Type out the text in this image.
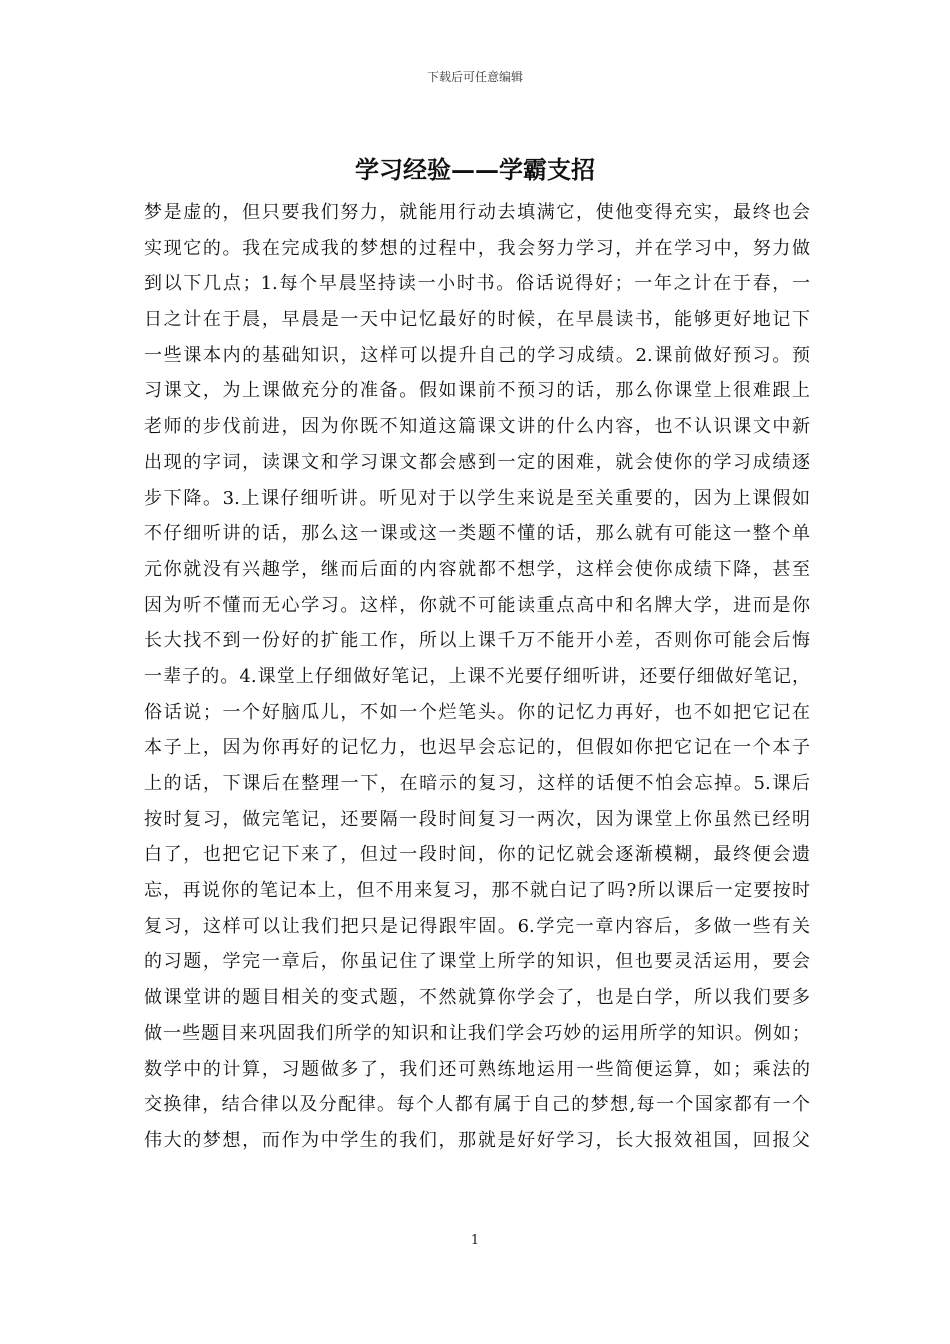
下载后可任意编辑
学习经验——学霸支招
梦是虚的，但只要我们努力，就能用行动去填满它，使他变得充实，最终也会
实现它的。我在完成我的梦想的过程中，我会努力学习，并在学习中，努力做
到以下几点；1.每个早晨坚持读一小时书。俗话说得好；一年之计在于春，一
日之计在于晨，早晨是一天中记忆最好的时候，在早晨读书，能够更好地记下
一些课本内的基础知识，这样可以提升自己的学习成绩。2.课前做好预习。预
习课文，为上课做充分的准备。假如课前不预习的话，那么你课堂上很难跟上
老师的步伐前进，因为你既不知道这篇课文讲的什么内容，也不认识课文中新
出现的字词，读课文和学习课文都会感到一定的困难，就会使你的学习成绩逐
步下降。3.上课仔细听讲。听见对于以学生来说是至关重要的，因为上课假如
不仔细听讲的话，那么这一课或这一类题不懂的话，那么就有可能这一整个单
元你就没有兴趣学，继而后面的内容就都不想学，这样会使你成绩下降，甚至
因为听不懂而无心学习。这样，你就不可能读重点高中和名牌大学，进而是你
长大找不到一份好的扩能工作，所以上课千万不能开小差，否则你可能会后悔
一辈子的。4.课堂上仔细做好笔记，上课不光要仔细听讲，还要仔细做好笔记，
俗话说；一个好脑瓜儿，不如一个烂笔头。你的记忆力再好，也不如把它记在
本子上，因为你再好的记忆力，也迟早会忘记的，但假如你把它记在一个本子
上的话，下课后在整理一下，在暗示的复习，这样的话便不怕会忘掉。5.课后
按时复习，做完笔记，还要隔一段时间复习一两次，因为课堂上你虽然已经明
白了，也把它记下来了，但过一段时间，你的记忆就会逐渐模糊，最终便会遗
忘，再说你的笔记本上，但不用来复习，那不就白记了吗?所以课后一定要按时
复习，这样可以让我们把只是记得跟牢固。6.学完一章内容后，多做一些有关
的习题，学完一章后，你虽记住了课堂上所学的知识，但也要灵活运用，要会
做课堂讲的题目相关的变式题，不然就算你学会了，也是白学，所以我们要多
做一些题目来巩固我们所学的知识和让我们学会巧妙的运用所学的知识。例如；
数学中的计算，习题做多了，我们还可熟练地运用一些简便运算，如；乘法的
交换律，结合律以及分配律。每个人都有属于自己的梦想,每一个国家都有一个
伟大的梦想，而作为中学生的我们，那就是好好学习，长大报效祖国，回报父
1
